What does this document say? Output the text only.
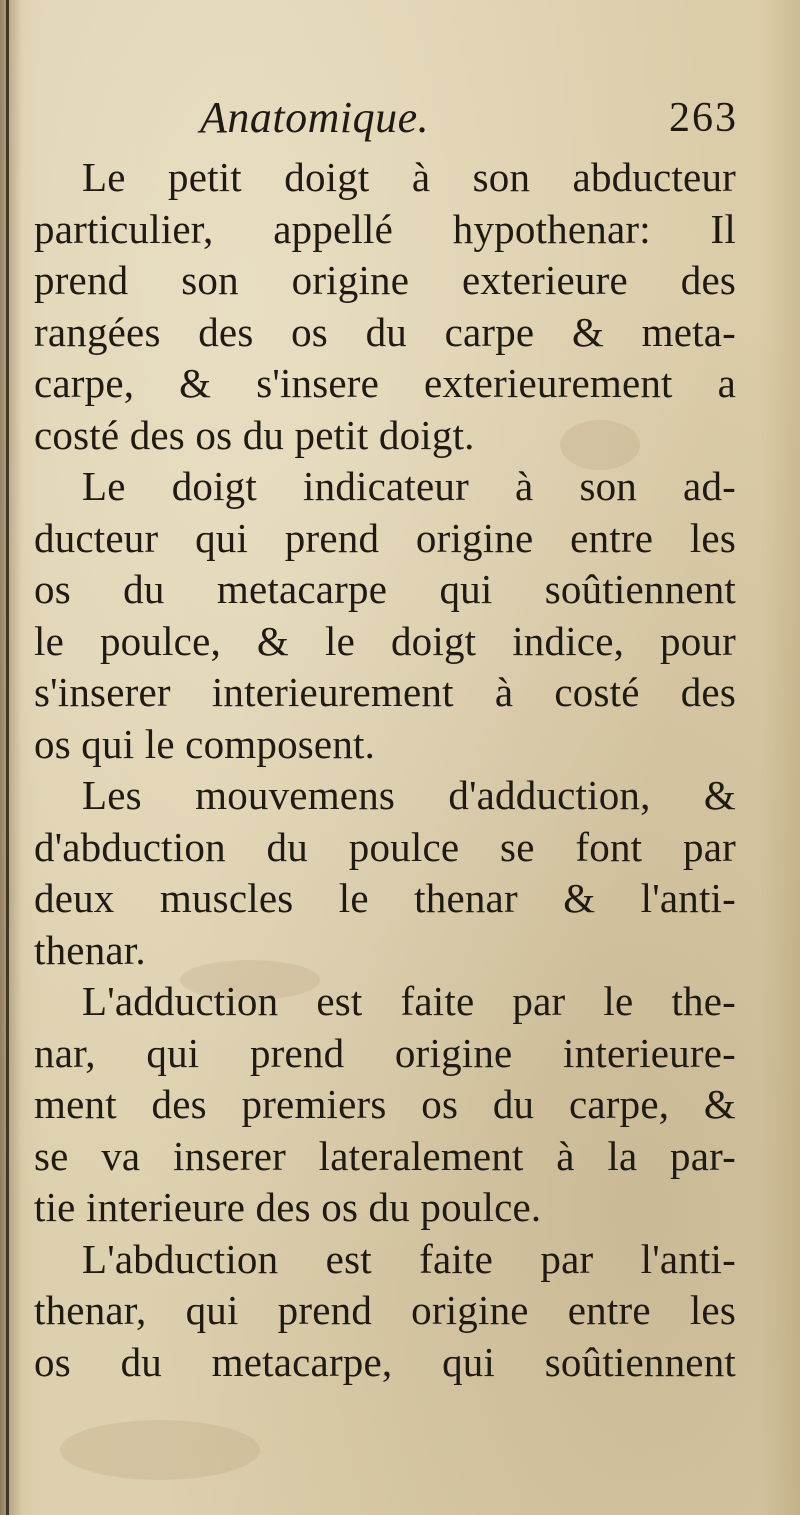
Anatomique.	263
Le petit doigt à son abducteur
particulier, appellé hypothenar: Il
prend son origine exterieure des
rangées des os du carpe & meta-
carpe, & s'insere exterieurement a
costé des os du petit doigt.
Le doigt indicateur à son ad-
ducteur qui prend origine entre les
os du metacarpe qui soûtiennent
le poulce, & le doigt indice, pour
s'inserer interieurement à costé des
os qui le composent.
Les mouvemens d'adduction, &
d'abduction du poulce se font par
deux muscles le thenar & l'anti-
thenar.
L'adduction est faite par le the-
nar, qui prend origine interieure-
ment des premiers os du carpe, &
se va inserer lateralement à la par-
tie interieure des os du poulce.
L'abduction est faite par l'anti-
thenar, qui prend origine entre les
os du metacarpe, qui soûtiennent
